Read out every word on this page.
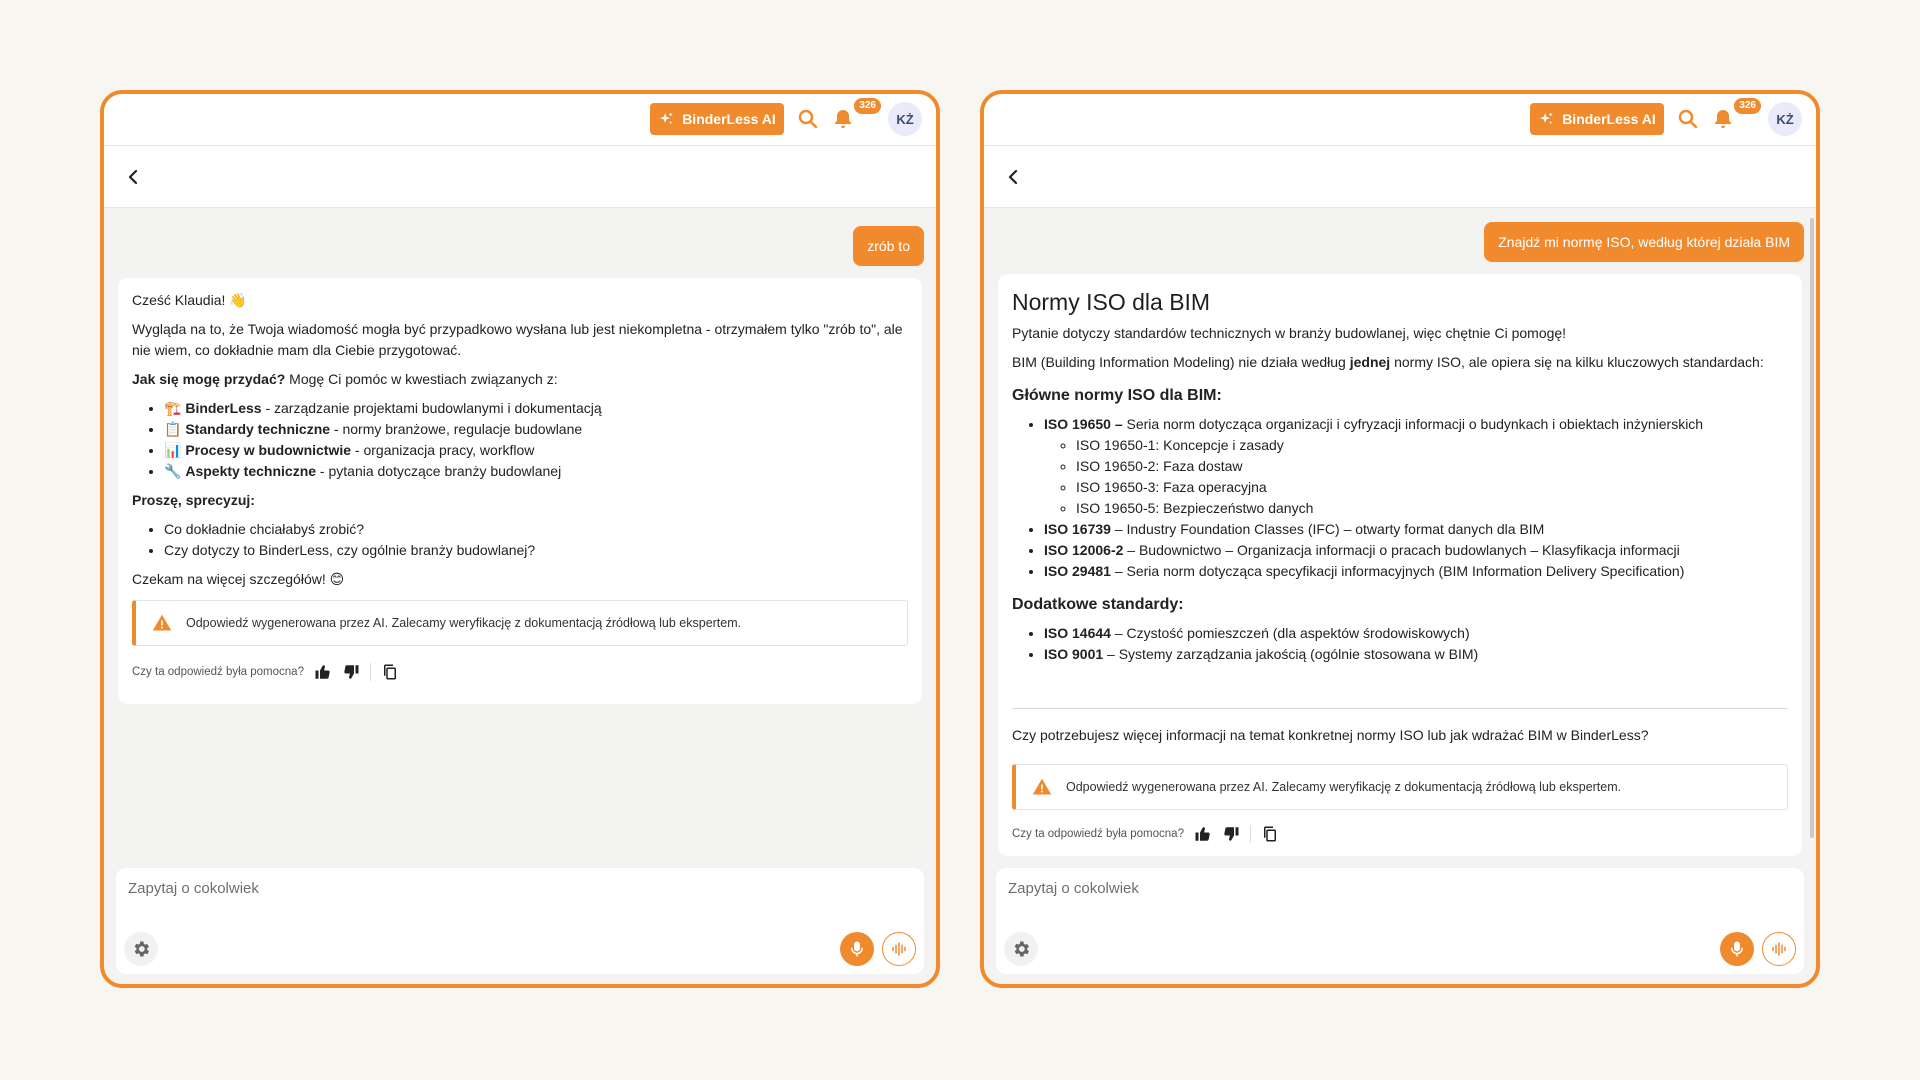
BinderLess AI
326
KŻ
zrób to

Cześć Klaudia! 👋

Wygląda na to, że Twoja wiadomość mogła być przypadkowo wysłana lub jest niekompletna - otrzymałem tylko "zrób to", ale nie wiem, co dokładnie mam dla Ciebie przygotować.

Jak się mogę przydać? Mogę Ci pomóc w kwestiach związanych z:

• 🏗️ BinderLess - zarządzanie projektami budowlanymi i dokumentacją
• 📋 Standardy techniczne - normy branżowe, regulacje budowlane
• 📊 Procesy w budownictwie - organizacja pracy, workflow
• 🔧 Aspekty techniczne - pytania dotyczące branży budowlanej

Proszę, sprecyzuj:

• Co dokładnie chciałabyś zrobić?
• Czy dotyczy to BinderLess, czy ogólnie branży budowlanej?

Czekam na więcej szczegółów! 😊

Odpowiedź wygenerowana przez AI. Zalecamy weryfikację z dokumentacją źródłową lub ekspertem.
Czy ta odpowiedź była pomocna?
Zapytaj o cokolwiek
BinderLess AI
326
KŻ
Znajdź mi normę ISO, według której działa BIM
Normy ISO dla BIM

Pytanie dotyczy standardów technicznych w branży budowlanej, więc chętnie Ci pomogę!

BIM (Building Information Modeling) nie działa według jednej normy ISO, ale opiera się na kilku kluczowych standardach:

Główne normy ISO dla BIM:
• ISO 19650 – Seria norm dotycząca organizacji i cyfryzacji informacji o budynkach i obiektach inżynierskich
◦ ISO 19650-1: Koncepcje i zasady
◦ ISO 19650-2: Faza dostaw
◦ ISO 19650-3: Faza operacyjna
◦ ISO 19650-5: Bezpieczeństwo danych
• ISO 16739 – Industry Foundation Classes (IFC) – otwarty format danych dla BIM
• ISO 12006-2 – Budownictwo – Organizacja informacji o pracach budowlanych – Klasyfikacja informacji
• ISO 29481 – Seria norm dotycząca specyfikacji informacyjnych (BIM Information Delivery Specification)
Dodatkowe standardy:
• ISO 14644 – Czystość pomieszczeń (dla aspektów środowiskowych)
• ISO 9001 – Systemy zarządzania jakością (ogólnie stosowana w BIM)

Czy potrzebujesz więcej informacji na temat konkretnej normy ISO lub jak wdrażać BIM w BinderLess?

Odpowiedź wygenerowana przez AI. Zalecamy weryfikację z dokumentacją źródłową lub ekspertem.
Czy ta odpowiedź była pomocna?
Zapytaj o cokolwiek
